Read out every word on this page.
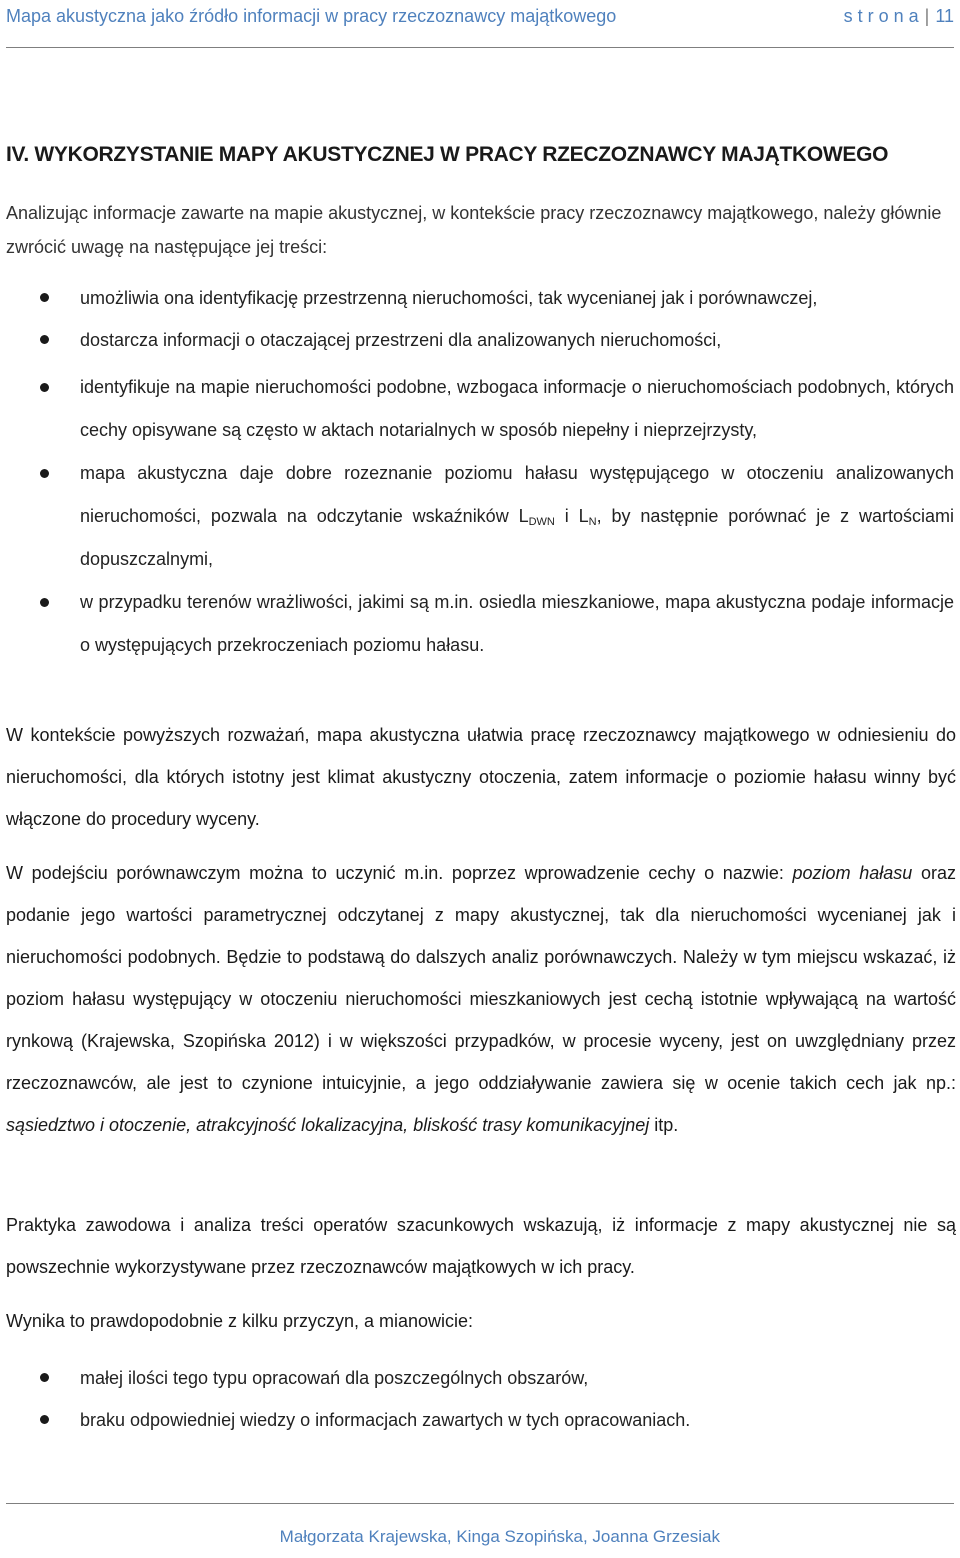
Mapa akustyczna jako źródło informacji w pracy rzeczoznawcy majątkowego	s t r o n a | 11
IV. WYKORZYSTANIE MAPY AKUSTYCZNEJ W PRACY RZECZOZNAWCY MAJĄTKOWEGO

Analizując informacje zawarte na mapie akustycznej, w kontekście pracy rzeczoznawcy majątkowego, należy głównie zwrócić uwagę na następujące jej treści:

umożliwia ona identyfikację przestrzenną nieruchomości, tak wycenianej jak i porównawczej,
dostarcza informacji o otaczającej przestrzeni dla analizowanych nieruchomości,
identyfikuje na mapie nieruchomości podobne, wzbogaca informacje o nieruchomościach podobnych, których cechy opisywane są często w aktach notarialnych w sposób niepełny i nieprzejrzysty,
mapa akustyczna daje dobre rozeznanie poziomu hałasu występującego w otoczeniu analizowanych nieruchomości, pozwala na odczytanie wskaźników $L_{DWN}$ i $L_N$, by następnie porównać je z wartościami dopuszczalnymi,
w przypadku terenów wrażliwości, jakimi są m.in. osiedla mieszkaniowe, mapa akustyczna podaje informacje o występujących przekroczeniach poziomu hałasu.

W kontekście powyższych rozważań, mapa akustyczna ułatwia pracę rzeczoznawcy majątkowego w odniesieniu do nieruchomości, dla których istotny jest klimat akustyczny otoczenia, zatem informacje o poziomie hałasu winny być włączone do procedury wyceny.

W podejściu porównawczym można to uczynić m.in. poprzez wprowadzenie cechy o nazwie: poziom hałasu oraz podanie jego wartości parametrycznej odczytanej z mapy akustycznej, tak dla nieruchomości wycenianej jak i nieruchomości podobnych. Będzie to podstawą do dalszych analiz porównawczych. Należy w tym miejscu wskazać, iż poziom hałasu występujący w otoczeniu nieruchomości mieszkaniowych jest cechą istotnie wpływającą na wartość rynkową (Krajewska, Szopińska 2012) i w większości przypadków, w procesie wyceny, jest on uwzględniany przez rzeczoznawców, ale jest to czynione intuicyjnie, a jego oddziaływanie zawiera się w ocenie takich cech jak np.: sąsiedztwo i otoczenie, atrakcyjność lokalizacyjna, bliskość trasy komunikacyjnej itp.

Praktyka zawodowa i analiza treści operatów szacunkowych wskazują, iż informacje z mapy akustycznej nie są powszechnie wykorzystywane przez rzeczoznawców majątkowych w ich pracy.

Wynika to prawdopodobnie z kilku przyczyn, a mianowicie:

małej ilości tego typu opracowań dla poszczególnych obszarów,
braku odpowiedniej wiedzy o informacjach zawartych w tych opracowaniach.
Małgorzata Krajewska, Kinga Szopińska, Joanna Grzesiak
